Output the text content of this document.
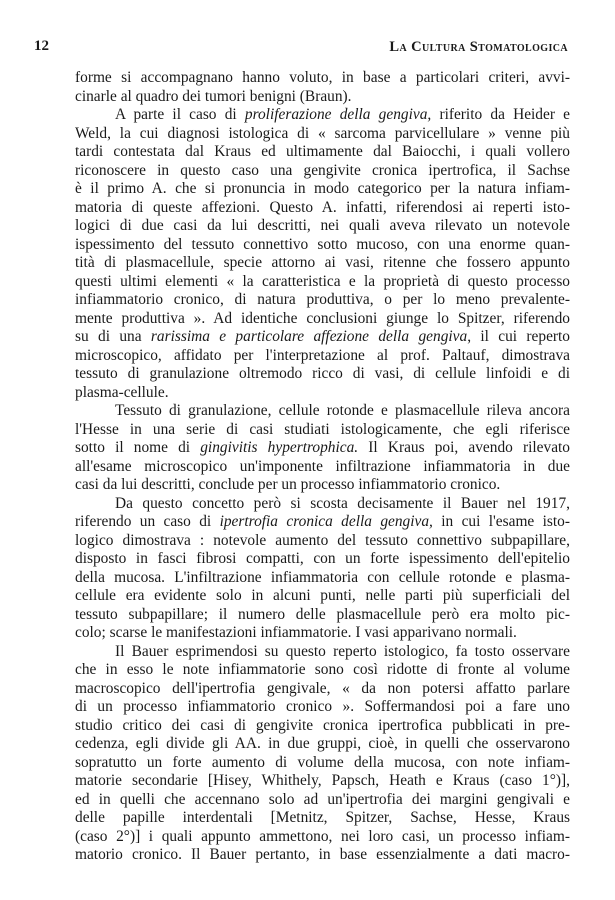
12	La Cultura Stomatologica
forme si accompagnano hanno voluto, in base a particolari criteri, avvi-
cinarle al quadro dei tumori benigni (Braun).
A parte il caso di proliferazione della gengiva, riferito da Heider e
Weld, la cui diagnosi istologica di « sarcoma parvicellulare » venne più
tardi contestata dal Kraus ed ultimamente dal Baiocchi, i quali vollero
riconoscere in questo caso una gengivite cronica ipertrofica, il Sachse
è il primo A. che si pronuncia in modo categorico per la natura infiam-
matoria di queste affezioni. Questo A. infatti, riferendosi ai reperti isto-
logici di due casi da lui descritti, nei quali aveva rilevato un notevole
ispessimento del tessuto connettivo sotto mucoso, con una enorme quan-
tità di plasmacellule, specie attorno ai vasi, ritenne che fossero appunto
questi ultimi elementi « la caratteristica e la proprietà di questo processo
infiammatorio cronico, di natura produttiva, o per lo meno prevalente-
mente produttiva ». Ad identiche conclusioni giunge lo Spitzer, riferendo
su di una rarissima e particolare affezione della gengiva, il cui reperto
microscopico, affidato per l'interpretazione al prof. Paltauf, dimostrava
tessuto di granulazione oltremodo ricco di vasi, di cellule linfoidi e di
plasma-cellule.
Tessuto di granulazione, cellule rotonde e plasmacellule rileva ancora
l'Hesse in una serie di casi studiati istologicamente, che egli riferisce
sotto il nome di gingivitis hypertrophica. Il Kraus poi, avendo rilevato
all'esame microscopico un'imponente infiltrazione infiammatoria in due
casi da lui descritti, conclude per un processo infiammatorio cronico.
Da questo concetto però si scosta decisamente il Bauer nel 1917,
riferendo un caso di ipertrofia cronica della gengiva, in cui l'esame isto-
logico dimostrava : notevole aumento del tessuto connettivo subpapillare,
disposto in fasci fibrosi compatti, con un forte ispessimento dell'epitelio
della mucosa. L'infiltrazione infiammatoria con cellule rotonde e plasma-
cellule era evidente solo in alcuni punti, nelle parti più superficiali del
tessuto subpapillare; il numero delle plasmacellule però era molto pic-
colo; scarse le manifestazioni infiammatorie. I vasi apparivano normali.
Il Bauer esprimendosi su questo reperto istologico, fa tosto osservare
che in esso le note infiammatorie sono così ridotte di fronte al volume
macroscopico dell'ipertrofia gengivale, « da non potersi affatto parlare
di un processo infiammatorio cronico ». Soffermandosi poi a fare uno
studio critico dei casi di gengivite cronica ipertrofica pubblicati in pre-
cedenza, egli divide gli AA. in due gruppi, cioè, in quelli che osservarono
sopratutto un forte aumento di volume della mucosa, con note infiam-
matorie secondarie [Hisey, Whithely, Papsch, Heath e Kraus (caso 1°)],
ed in quelli che accennano solo ad un'ipertrofia dei margini gengivali e
delle papille interdentali [Metnitz, Spitzer, Sachse, Hesse, Kraus
(caso 2°)] i quali appunto ammettono, nei loro casi, un processo infiam-
matorio cronico. Il Bauer pertanto, in base essenzialmente a dati macro-
